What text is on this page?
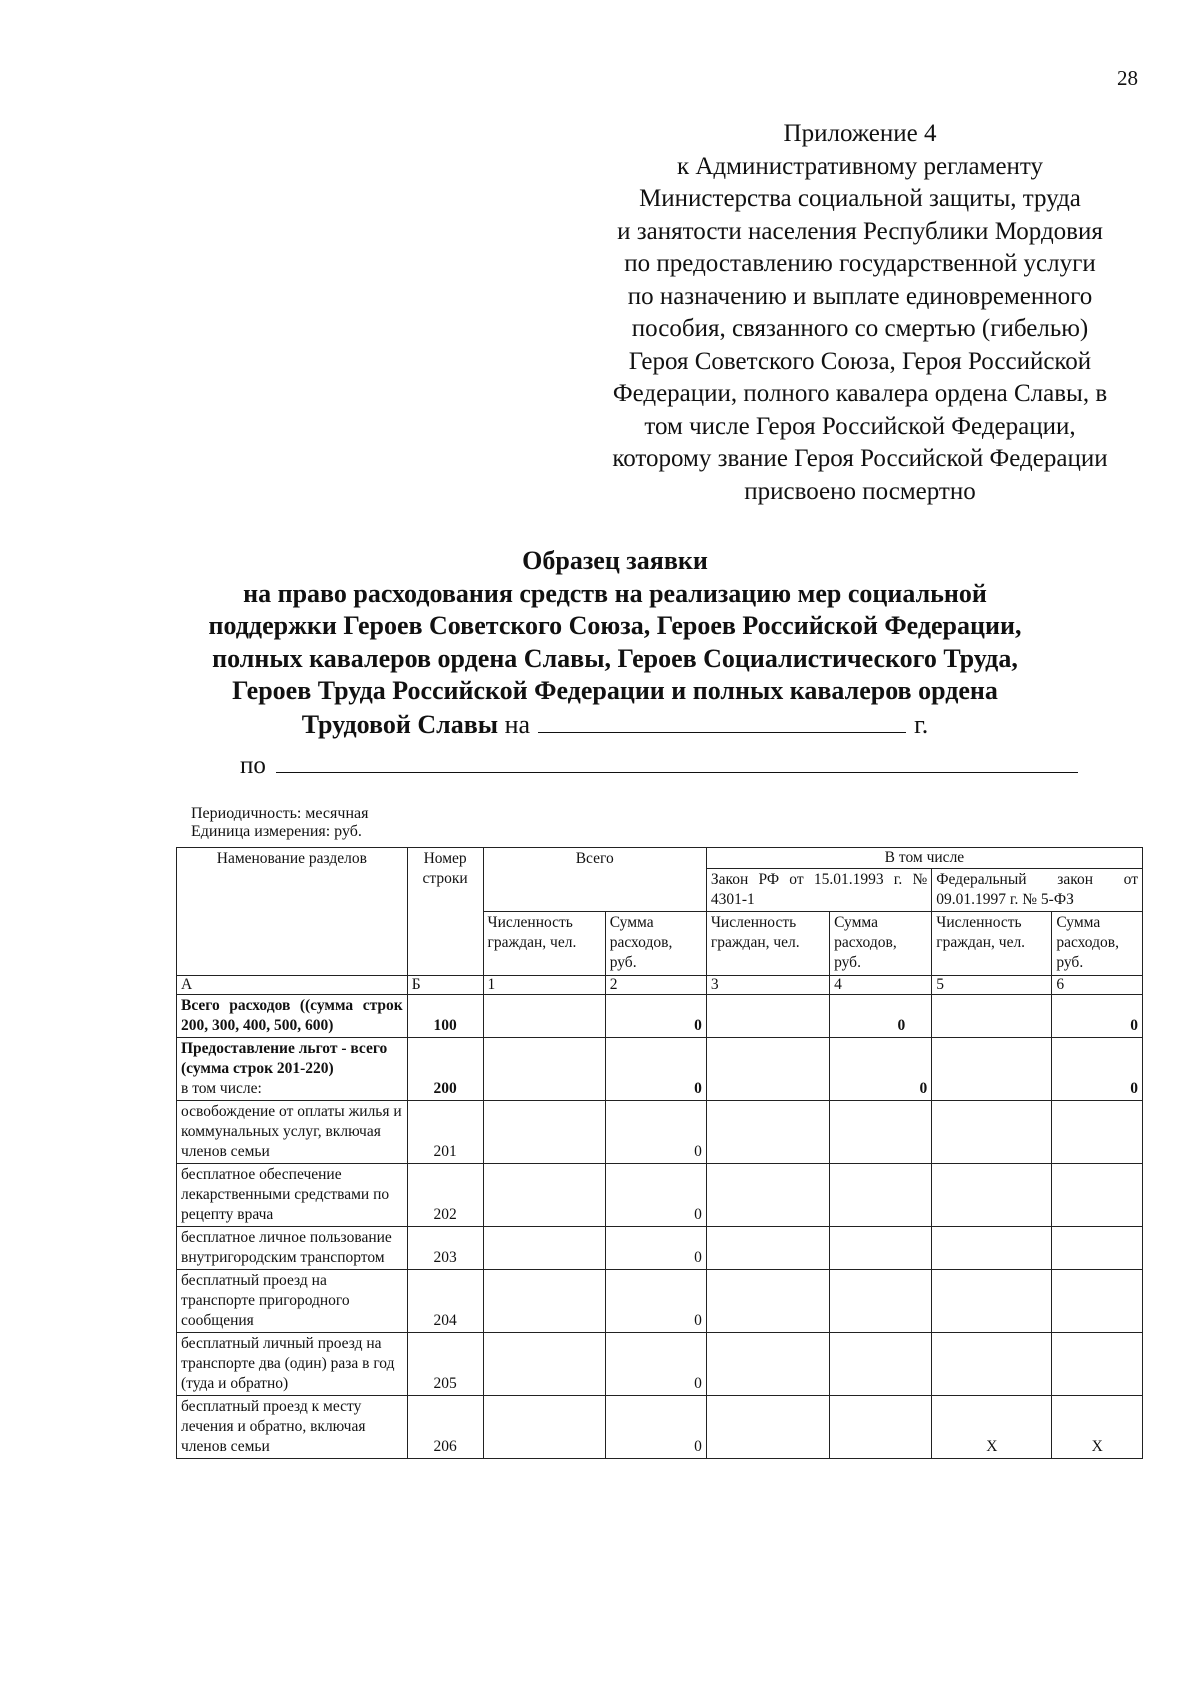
28
Приложение 4
к Административному регламенту
Министерства социальной защиты, труда
и занятости населения Республики Мордовия
по предоставлению государственной услуги
по назначению и выплате единовременного
пособия, связанного со смертью (гибелью)
Героя Советского Союза, Героя Российской
Федерации, полного кавалера ордена Славы, в
том числе Героя Российской Федерации,
которому звание Героя Российской Федерации
присвоено посмертно
Образец заявки
на право расходования средств на реализацию мер социальной
поддержки Героев Советского Союза, Героев Российской Федерации,
полных кавалеров ордена Славы, Героев Социалистического Труда,
Героев Труда Российской Федерации и полных кавалеров ордена
Трудовой Славы на	г.
по
Периодичность: месячная
Единица измерения: руб.
Наменование разделов	Номер строки	Всего		В том числе			
				Закон РФ от 15.01.1993 г. № 4301-1		Федеральный закон от 09.01.1997 г. № 5-ФЗ	
		Численность граждан, чел.	Сумма расходов, руб.	Численность граждан, чел.	Сумма расходов, руб.	Численность граждан, чел.	Сумма расходов, руб.
А	Б	1	2	3	4	5	6
Всего расходов ((сумма строк 200, 300, 400, 500, 600)	100		0		0		0

Предоставление льгот - всего (сумма строк 201-220)
в том числе:	200		0		0		0
освобождение от оплаты жилья и коммунальных услуг, включая членов семьи	201		0				
бесплатное обеспечение лекарственными средствами по рецепту врача	202		0				
бесплатное личное пользование внутригородским транспортом	203		0				
бесплатный проезд на транспорте пригородного сообщения	204		0				
бесплатный личный проезд на транспорте два (один) раза в год (туда и обратно)	205		0				
бесплатный проезд к месту лечения и обратно, включая членов семьи	206		0			X	X
